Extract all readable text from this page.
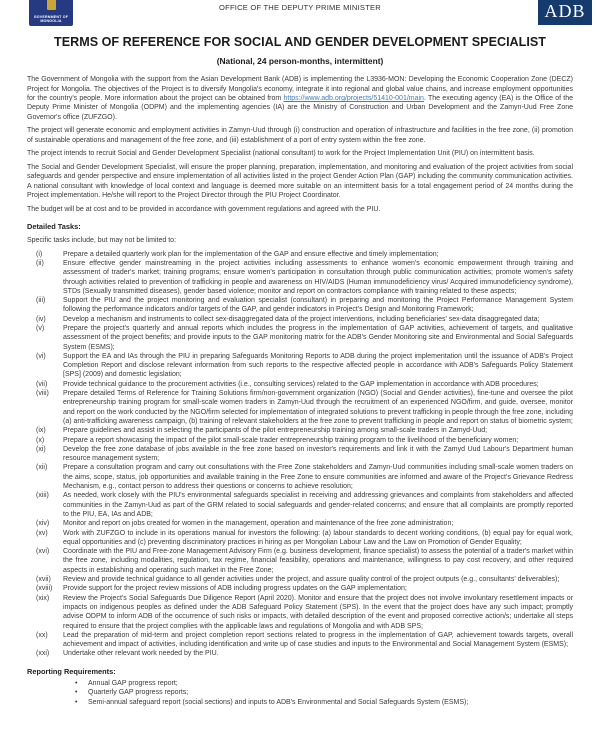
GOVERNMENT OF
MONGOLIA
OFFICE OF THE DEPUTY PRIME MINISTER	ADB
TERMS OF REFERENCE FOR SOCIAL AND GENDER DEVELOPMENT SPECIALIST
(National, 24 person-months, intermittent)
The Government of Mongolia with the support from the Asian Development Bank (ADB) is implementing the L3936-MON: Developing the Economic Cooperation Zone (DECZ) Project for Mongolia. The objectives of the Project is to diversify Mongolia's economy, integrate it into regional and global value chains, and increase employment opportunities for the country's people. More information about the project can be obtained from https://www.adb.org/projects/51410-001/main. The executing agency (EA) is the Office of the Deputy Prime Minister of Mongolia (ODPM) and the implementing agencies (IA) are the Ministry of Construction and Urban Development and the Zamyn-Uud Free Zone Governor's office (ZUFZGO).
The project will generate economic and employment activities in Zamyn-Uud through (i) construction and operation of infrastructure and facilities in the free zone, (ii) promotion of sustainable operations and management of the free zone, and (iii) establishment of a port of entry system within the free zone.
The project intends to recruit Social and Gender Development Specialist (national consultant) to work for the Project Implementation Unit (PIU) on intermittent basis.
The Social and Gender Development Specialist, will ensure the proper planning, preparation, implementation, and monitoring and evaluation of the project activities from social safeguards and gender perspective and ensure implementation of all activities listed in the project Gender Action Plan (GAP) including the community communication activities. A national consultant with knowledge of local context and language is deemed more suitable on an intermittent basis for a total engagement period of 24 months during the Project implementation. He/she will report to the Project Director through the PIU Project Coordinator.
The budget will be at cost and to be provided in accordance with government regulations and agreed with the PIU.
Detailed Tasks:
Specific tasks include, but may not be limited to:
(i)	Prepare a detailed quarterly work plan for the implementation of the GAP and ensure effective and timely implementation;
(ii)	Ensure effective gender mainstreaming in the project activities including assessments to enhance women's economic empowerment through training and assessment of trader's market; training programs; ensure women's participation in consultation through public communication activities; promote women's safety through activities related to prevention of trafficking in people and awareness on HIV/AIDS (Human immunodeficiency virus/ Acquired immunodeficiency syndrome), STDs (Sexually transmitted diseases), gender based violence; monitor and report on contractors compliance with training related to these aspects;
(iii)	Support the PIU and the project monitoring and evaluation specialist (consultant) in preparing and monitoring the Project Performance Management System following the performance indicators and/or targets of the GAP, and gender indicators in Project's Design and Monitoring Framework;
(iv)	Develop a mechanism and instruments to collect sex-disaggregated data of the project interventions, including beneficiaries' sex-data disaggregated data;
(v)	Prepare the project's quarterly and annual reports which includes the progress in the implementation of GAP activities, achievement of targets, and qualitative assessment of the project benefits; and provide inputs to the GAP monitoring matrix for the ADB's Gender Monitoring site and Environmental and Social Safeguards System (ESMS);
(vi)	Support the EA and IAs through the PIU in preparing Safeguards Monitoring Reports to ADB during the project implementation until the issuance of ADB's Project Completion Report and disclose relevant information from such reports to the respective affected people in accordance with ADB's Safeguards Policy Statement [SPS] (2009) and domestic legislation;
(vii)	Provide technical guidance to the procurement activities (i.e., consulting services) related to the GAP implementation in accordance with ADB procedures;
(viii)	Prepare detailed Terms of Reference for Training Solutions firm/non-government organization (NGO) (Social and Gender activities), fine-tune and oversee the pilot entrepreneurship training program for small-scale women traders in Zamyn-Uud through the recruitment of an experienced NGO/firm, and guide, oversee, monitor and report on the work conducted by the NGO/firm selected for implementation of integrated solutions to prevent trafficking in people through the free zone, including (a) anti-trafficking awareness campaign, (b) training of relevant stakeholders at the free zone to prevent trafficking in people and report on status of biometric system;
(ix)	Prepare guidelines and assist in selecting the participants of the pilot entrepreneurship training among small-scale traders in Zamyd-Uud;
(x)	Prepare a report showcasing the impact of the pilot small-scale trader entrepreneurship training program to the livelihood of the beneficiary women;
(xi)	Develop the free zone database of jobs available in the free zone based on investor's requirements and link it with the Zamyd Uud Labour's Department human resource management system;
(xii)	Prepare a consultation program and carry out consultations with the Free Zone stakeholders and Zamyn-Uud communities including small-scale women traders on the aims, scope, status, job opportunities and available training in the Free Zone to ensure communities are informed and aware of the Project's Grievance Redress Mechanism, e.g., contact person to address their questions or concerns to achieve resolution;
(xiii)	As needed, work closely with the PIU's environmental safeguards specialist in receiving and addressing grievances and complaints from stakeholders and affected communities in the Zamyn-Uud as part of the GRM related to social safeguards and gender-related concerns; and ensure that all complaints are promptly reported to the PIU, EA, IAs and ADB;
(xiv)	Monitor and report on jobs created for women in the management, operation and maintenance of the free zone administration;
(xv)	Work with ZUFZGO to include in its operations manual for investors the following: (a) labour standards to decent working conditions, (b) equal pay for equal work, equal opportunities and (c) preventing discriminatory practices in hiring as per Mongolian Labour Law and the Law on Promotion of Gender Equality;
(xvi)	Coordinate with the PIU and Free-zone Management Advisory Firm (e.g. business development, finance specialist) to assess the potential of a trader's market within the free zone, including modalities, regulation, tax regime, financial feasibility, operations and maintenance, willingness to pay cost recovery, and other required aspects in establishing and operating such market in the Free Zone;
(xvii)	Review and provide technical guidance to all gender activities under the project, and assure quality control of the project outputs (e.g., consultants' deliverables);
(xviii)	Provide support for the project review missions of ADB including progress updates on the GAP implementation;
(xix)	Review the Project's Social Safeguards Due Diligence Report (April 2020). Monitor and ensure that the project does not involve involuntary resettlement impacts or impacts on indigenous peoples as defined under the ADB Safeguard Policy Statement (SPS). In the event that the project does have any such impact; promptly advise ODPM to inform ADB of the occurrence of such risks or impacts, with detailed description of the event and proposed corrective action/s; undertake all steps required to ensure that the project complies with the applicable laws and regulations of Mongolia and with ADB SPS;
(xx)	Lead the preparation of mid-term and project completion report sections related to progress in the implementation of GAP, achievement towards targets, overall achievement and impact of activities, including identification and write up of case studies and inputs to the Environmental and Social Management System (ESMS);
(xxi)	Undertake other relevant work needed by the PIU.
Reporting Requirements:
•	Annual GAP progress report;
•	Quarterly GAP progress reports;
•	Semi-annual safeguard report (social sections) and inputs to ADB's Environmental and Social Safeguards System (ESMS);
